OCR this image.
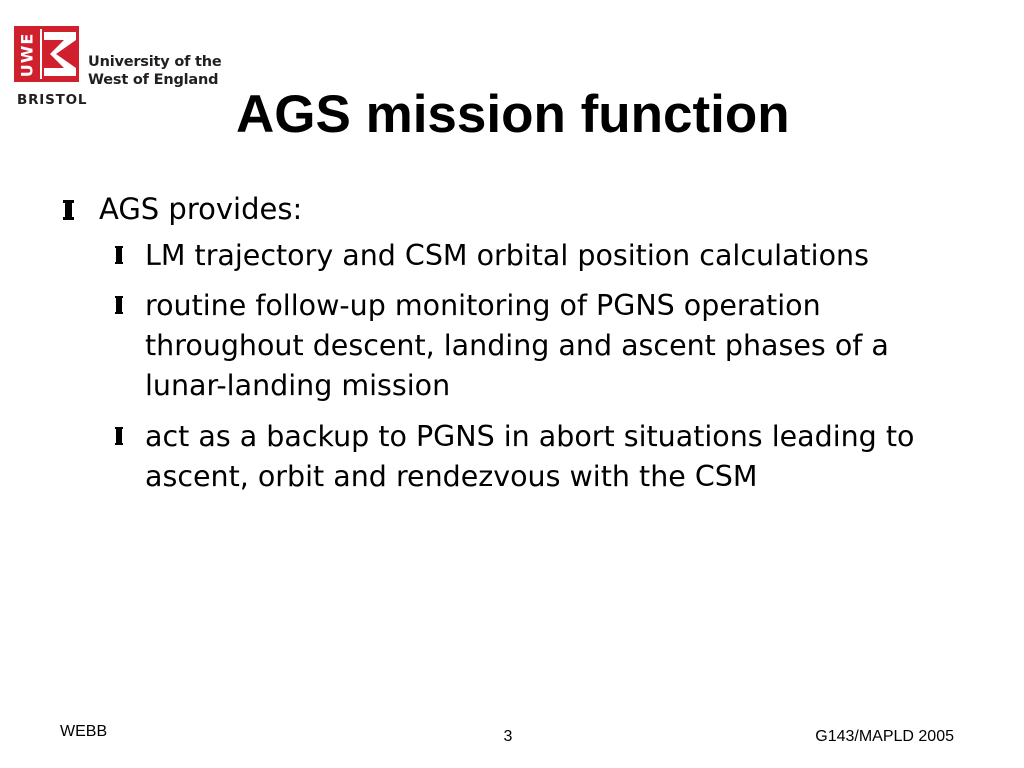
UWE	University of the
West of England
BRISTOL	AGS mission function
AGS provides:
LM trajectory and CSM orbital position calculations
routine follow-up monitoring of PGNS operation throughout descent, landing and ascent phases of a lunar-landing mission
act as a backup to PGNS in abort situations leading to ascent, orbit and rendezvous with the CSM
WEBB	3	G143/MAPLD 2005
